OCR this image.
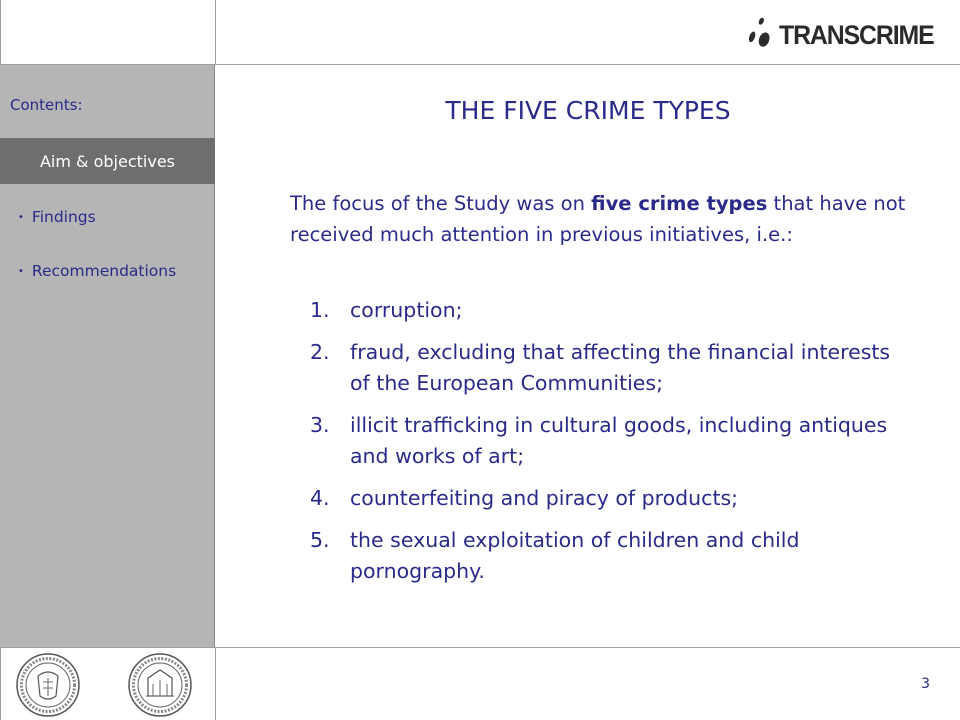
TRANSCRIME
Contents:
Aim & objectives
• Findings
• Recommendations
THE FIVE CRIME TYPES
The focus of the Study was on five crime types that have not received much attention in previous initiatives, i.e.:
1. corruption;
2. fraud, excluding that affecting the financial interests of the European Communities;
3. illicit trafficking in cultural goods, including antiques and works of art;
4. counterfeiting and piracy of products;
5. the sexual exploitation of children and child pornography.
3
